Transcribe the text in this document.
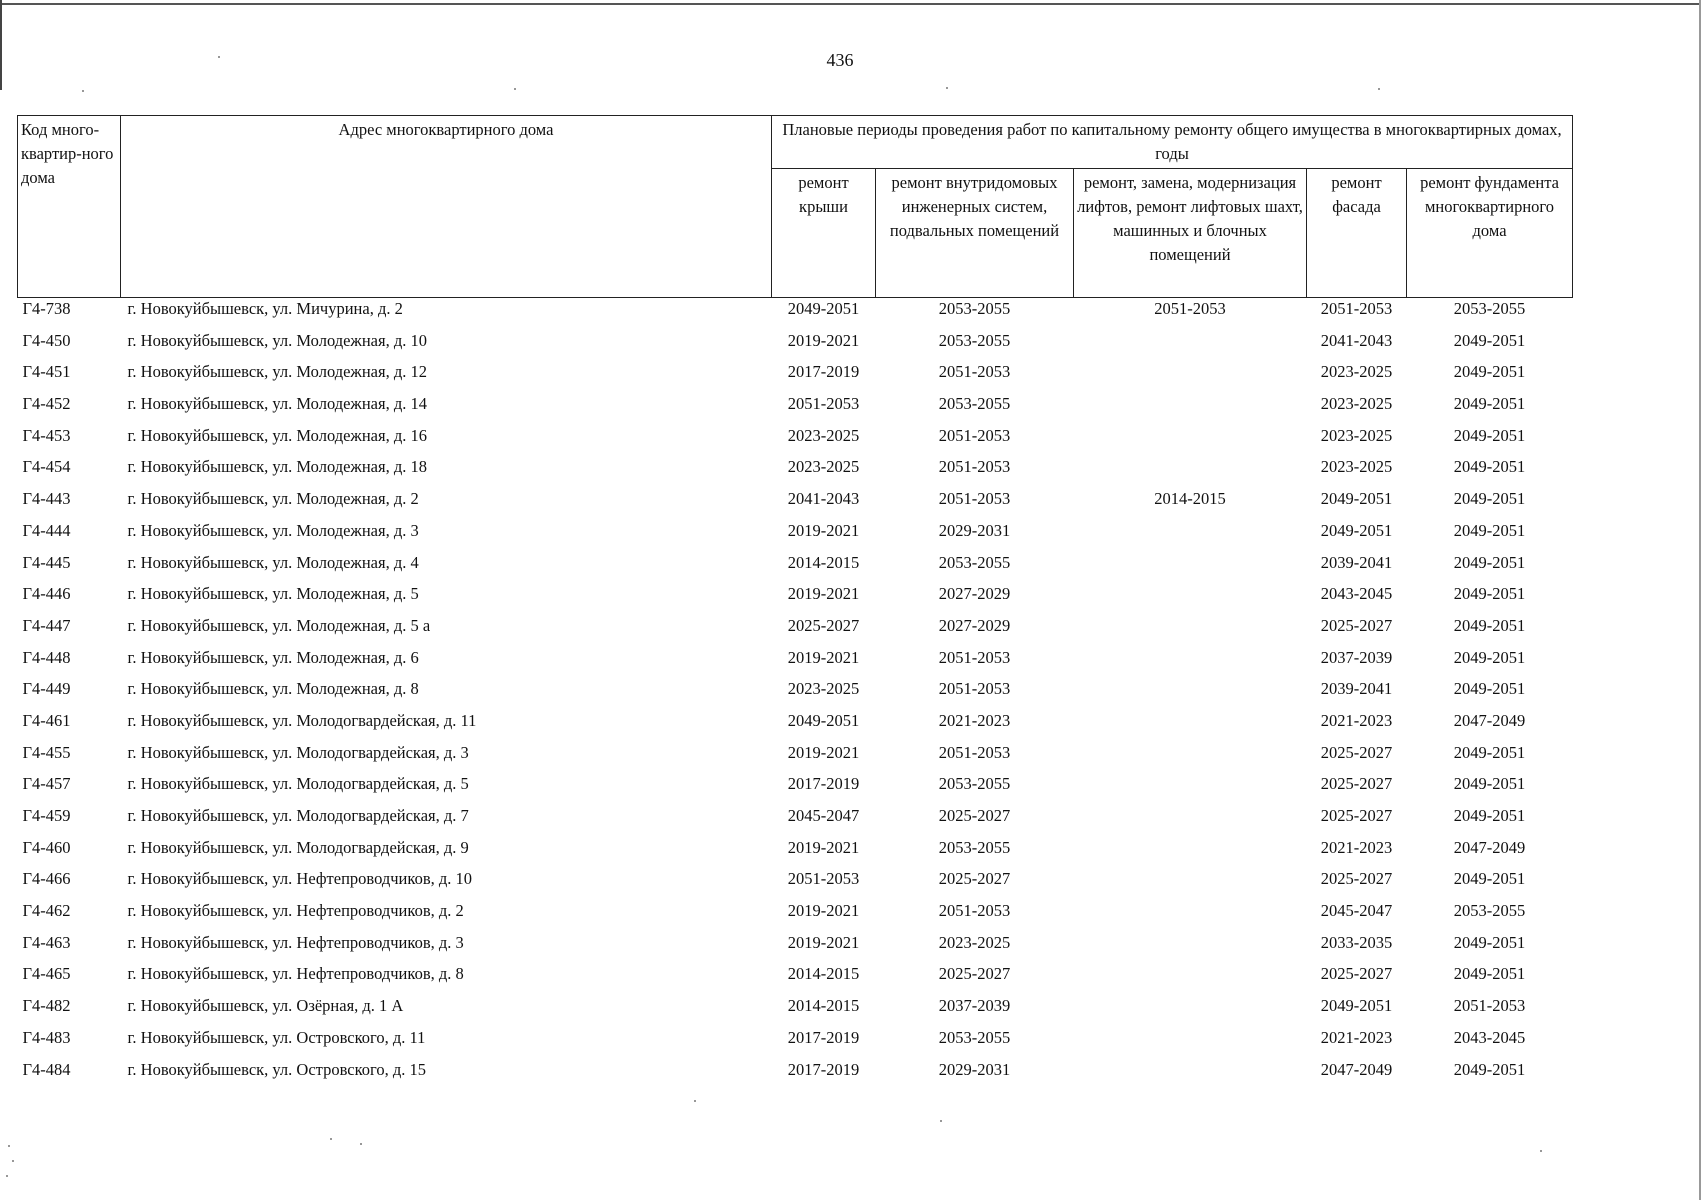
436
Код много-квартир-ного дома	Адрес многоквартирного дома	Плановые периоды проведения работ по капитальному ремонту общего имущества в многоквартирных домах, годы				
		ремонт крыши	ремонт внутридомовых инженерных систем, подвальных помещений	ремонт, замена, модернизация лифтов, ремонт лифтовых шахт, машинных и блочных помещений	ремонт фасада	ремонт фундамента многоквартирного дома
Г4-738	г. Новокуйбышевск, ул. Мичурина, д. 2	2049-2051	2053-2055	2051-2053	2051-2053	2053-2055
Г4-450	г. Новокуйбышевск, ул. Молодежная, д. 10	2019-2021	2053-2055		2041-2043	2049-2051
Г4-451	г. Новокуйбышевск, ул. Молодежная, д. 12	2017-2019	2051-2053		2023-2025	2049-2051
Г4-452	г. Новокуйбышевск, ул. Молодежная, д. 14	2051-2053	2053-2055		2023-2025	2049-2051
Г4-453	г. Новокуйбышевск, ул. Молодежная, д. 16	2023-2025	2051-2053		2023-2025	2049-2051
Г4-454	г. Новокуйбышевск, ул. Молодежная, д. 18	2023-2025	2051-2053		2023-2025	2049-2051
Г4-443	г. Новокуйбышевск, ул. Молодежная, д. 2	2041-2043	2051-2053	2014-2015	2049-2051	2049-2051
Г4-444	г. Новокуйбышевск, ул. Молодежная, д. 3	2019-2021	2029-2031		2049-2051	2049-2051
Г4-445	г. Новокуйбышевск, ул. Молодежная, д. 4	2014-2015	2053-2055		2039-2041	2049-2051
Г4-446	г. Новокуйбышевск, ул. Молодежная, д. 5	2019-2021	2027-2029		2043-2045	2049-2051
Г4-447	г. Новокуйбышевск, ул. Молодежная, д. 5 а	2025-2027	2027-2029		2025-2027	2049-2051
Г4-448	г. Новокуйбышевск, ул. Молодежная, д. 6	2019-2021	2051-2053		2037-2039	2049-2051
Г4-449	г. Новокуйбышевск, ул. Молодежная, д. 8	2023-2025	2051-2053		2039-2041	2049-2051
Г4-461	г. Новокуйбышевск, ул. Молодогвардейская, д. 11	2049-2051	2021-2023		2021-2023	2047-2049
Г4-455	г. Новокуйбышевск, ул. Молодогвардейская, д. 3	2019-2021	2051-2053		2025-2027	2049-2051
Г4-457	г. Новокуйбышевск, ул. Молодогвардейская, д. 5	2017-2019	2053-2055		2025-2027	2049-2051
Г4-459	г. Новокуйбышевск, ул. Молодогвардейская, д. 7	2045-2047	2025-2027		2025-2027	2049-2051
Г4-460	г. Новокуйбышевск, ул. Молодогвардейская, д. 9	2019-2021	2053-2055		2021-2023	2047-2049
Г4-466	г. Новокуйбышевск, ул. Нефтепроводчиков, д. 10	2051-2053	2025-2027		2025-2027	2049-2051
Г4-462	г. Новокуйбышевск, ул. Нефтепроводчиков, д. 2	2019-2021	2051-2053		2045-2047	2053-2055
Г4-463	г. Новокуйбышевск, ул. Нефтепроводчиков, д. 3	2019-2021	2023-2025		2033-2035	2049-2051
Г4-465	г. Новокуйбышевск, ул. Нефтепроводчиков, д. 8	2014-2015	2025-2027		2025-2027	2049-2051
Г4-482	г. Новокуйбышевск, ул. Озёрная, д. 1 А	2014-2015	2037-2039		2049-2051	2051-2053
Г4-483	г. Новокуйбышевск, ул. Островского, д. 11	2017-2019	2053-2055		2021-2023	2043-2045
Г4-484	г. Новокуйбышевск, ул. Островского, д. 15	2017-2019	2029-2031		2047-2049	2049-2051
